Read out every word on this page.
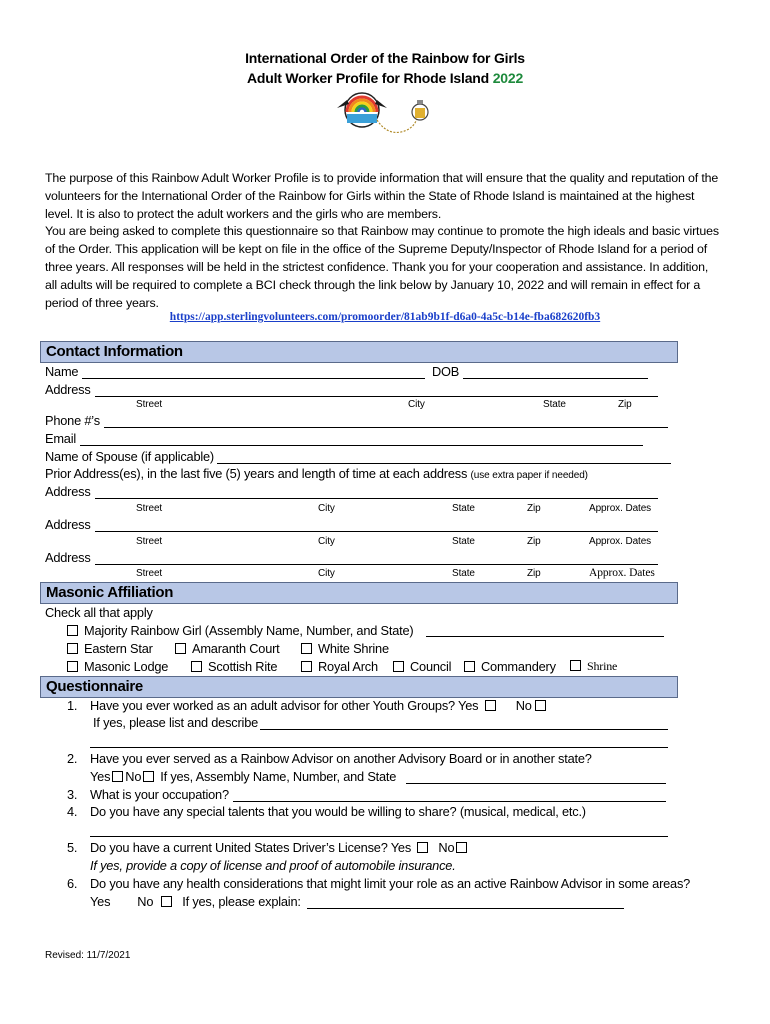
International Order of the Rainbow for Girls
Adult Worker Profile for Rhode Island 2022

The purpose of this Rainbow Adult Worker Profile is to provide information that will ensure that the quality and reputation of the volunteers for the International Order of the Rainbow for Girls within the State of Rhode Island is maintained at the highest level. It is also to protect the adult workers and the girls who are members.

You are being asked to complete this questionnaire so that Rainbow may continue to promote the high ideals and basic virtues of the Order. This application will be kept on file in the office of the Supreme Deputy/Inspector of Rhode Island for a period of three years. All responses will be held in the strictest confidence. Thank you for your cooperation and assistance. In addition, all adults will be required to complete a BCI check through the link below by January 10, 2022 and will remain in effect for a period of three years.

https://app.sterlingvolunteers.com/promoorder/81ab9b1f-d6a0-4a5c-b14e-fba682620fb3
Contact Information
Name	DOB
Address
Street	City	State	Zip
Phone #’s
Email
Name of Spouse (if applicable)
Prior Address(es), in the last five (5) years and length of time at each address (use extra paper if needed)
Address
Street	City	State	Zip	Approx. Dates
Address
Street	City	State	Zip	Approx. Dates
Address
Street	City	State	Zip	Approx. Dates
Masonic Affiliation
Check all that apply
Majority Rainbow Girl (Assembly Name, Number, and State)
Eastern Star	Amaranth Court	White Shrine
Masonic Lodge	Scottish Rite	Royal Arch	Council	Commandery	Shrine
Questionnaire
1. Have you ever worked as an adult advisor for other Youth Groups? Yes	No
If yes, please list and describe
2. Have you ever served as a Rainbow Advisor on another Advisory Board or in another state?
Yes No If yes, Assembly Name, Number, and State
3. What is your occupation?
4. Do you have any special talents that you would be willing to share? (musical, medical, etc.)
5. Do you have a current United States Driver’s License? Yes No
If yes, provide a copy of license and proof of automobile insurance.
6. Do you have any health considerations that might limit your role as an active Rainbow Advisor in some areas?
Yes No If yes, please explain:
Revised: 11/7/2021
